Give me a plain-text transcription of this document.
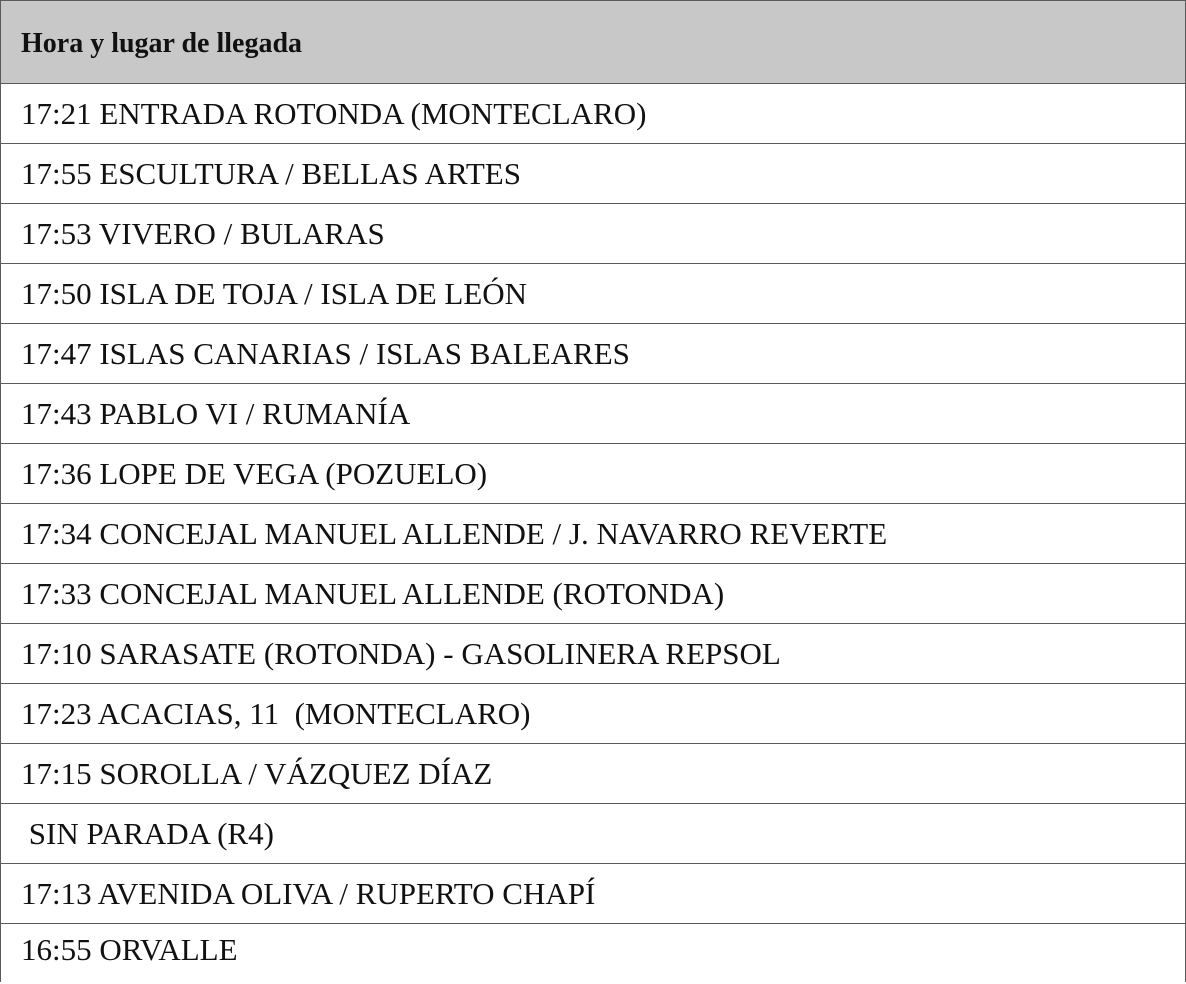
Hora y lugar de llegada
17:21 ENTRADA ROTONDA (MONTECLARO)
17:55 ESCULTURA / BELLAS ARTES
17:53 VIVERO / BULARAS
17:50 ISLA DE TOJA / ISLA DE LEÓN
17:47 ISLAS CANARIAS / ISLAS BALEARES
17:43 PABLO VI / RUMANÍA
17:36 LOPE DE VEGA (POZUELO)
17:34 CONCEJAL MANUEL ALLENDE / J. NAVARRO REVERTE
17:33 CONCEJAL MANUEL ALLENDE (ROTONDA)
17:10 SARASATE (ROTONDA) - GASOLINERA REPSOL
17:23 ACACIAS, 11  (MONTECLARO)
17:15 SOROLLA / VÁZQUEZ DÍAZ
SIN PARADA (R4)
17:13 AVENIDA OLIVA / RUPERTO CHAPÍ
16:55 ORVALLE
